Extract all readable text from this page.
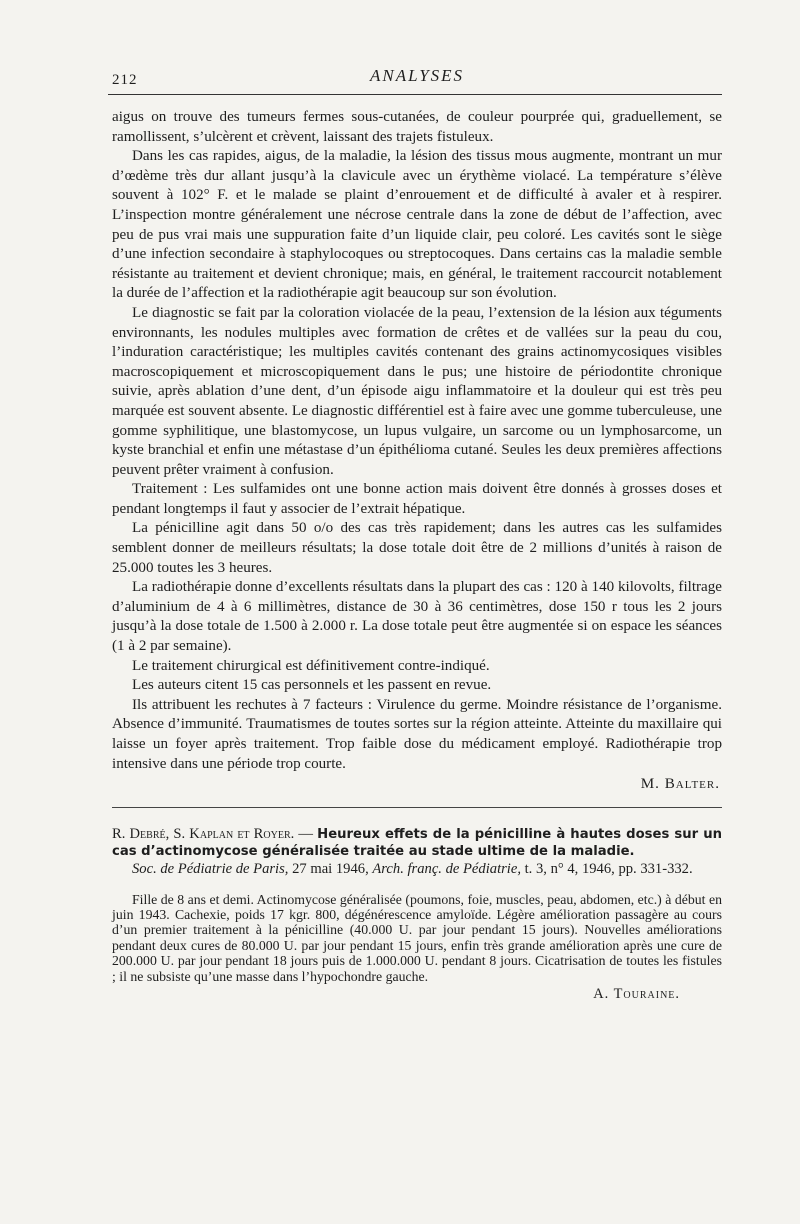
212	ANALYSES

aigus on trouve des tumeurs fermes sous-cutanées, de couleur pourprée qui, graduellement, se ramollissent, s’ulcèrent et crèvent, laissant des trajets fistuleux.

Dans les cas rapides, aigus, de la maladie, la lésion des tissus mous augmente, montrant un mur d’œdème très dur allant jusqu’à la clavicule avec un érythème violacé. La température s’élève souvent à 102° F. et le malade se plaint d’enrouement et de difficulté à avaler et à respirer. L’inspection montre généralement une nécrose centrale dans la zone de début de l’affection, avec peu de pus vrai mais une suppuration faite d’un liquide clair, peu coloré. Les cavités sont le siège d’une infection secondaire à staphylocoques ou streptocoques. Dans certains cas la maladie semble résistante au traitement et devient chronique; mais, en général, le traitement raccourcit notablement la durée de l’affection et la radiothérapie agit beaucoup sur son évolution.

Le diagnostic se fait par la coloration violacée de la peau, l’extension de la lésion aux téguments environnants, les nodules multiples avec formation de crêtes et de vallées sur la peau du cou, l’induration caractéristique; les multiples cavités contenant des grains actinomycosiques visibles macroscopiquement et microscopiquement dans le pus; une histoire de périodontite chronique suivie, après ablation d’une dent, d’un épisode aigu inflammatoire et la douleur qui est très peu marquée est souvent absente. Le diagnostic différentiel est à faire avec une gomme tuberculeuse, une gomme syphilitique, une blastomycose, un lupus vulgaire, un sarcome ou un lymphosarcome, un kyste branchial et enfin une métastase d’un épithélioma cutané. Seules les deux premières affections peuvent prêter vraiment à confusion.

Traitement : Les sulfamides ont une bonne action mais doivent être donnés à grosses doses et pendant longtemps il faut y associer de l’extrait hépatique.

La pénicilline agit dans 50 o/o des cas très rapidement; dans les autres cas les sulfamides semblent donner de meilleurs résultats; la dose totale doit être de 2 millions d’unités à raison de 25.000 toutes les 3 heures.

La radiothérapie donne d’excellents résultats dans la plupart des cas : 120 à 140 kilovolts, filtrage d’aluminium de 4 à 6 millimètres, distance de 30 à 36 centimètres, dose 150 r tous les 2 jours jusqu’à la dose totale de 1.500 à 2.000 r. La dose totale peut être augmentée si on espace les séances (1 à 2 par semaine).

Le traitement chirurgical est définitivement contre-indiqué.

Les auteurs citent 15 cas personnels et les passent en revue.

Ils attribuent les rechutes à 7 facteurs : Virulence du germe. Moindre résistance de l’organisme. Absence d’immunité. Traumatismes de toutes sortes sur la région atteinte. Atteinte du maxillaire qui laisse un foyer après traitement. Trop faible dose du médicament employé. Radiothérapie trop intensive dans une période trop courte.

M. Balter.
R. Debré, S. Kaplan et Royer. — Heureux effets de la pénicilline à hautes doses sur un cas d’actinomycose généralisée traitée au stade ultime de la maladie.
Soc. de Pédiatrie de Paris, 27 mai 1946, Arch. franç. de Pédiatrie, t. 3, n° 4, 1946, pp. 331-332.

Fille de 8 ans et demi. Actinomycose généralisée (poumons, foie, muscles, peau, abdomen, etc.) à début en juin 1943. Cachexie, poids 17 kgr. 800, dégénérescence amyloïde. Légère amélioration passagère au cours d’un premier traitement à la pénicilline (40.000 U. par jour pendant 15 jours). Nouvelles améliorations pendant deux cures de 80.000 U. par jour pendant 15 jours, enfin très grande amélioration après une cure de 200.000 U. par jour pendant 18 jours puis de 1.000.000 U. pendant 8 jours. Cicatrisation de toutes les fistules ; il ne subsiste qu’une masse dans l’hypochondre gauche.

A. Touraine.
